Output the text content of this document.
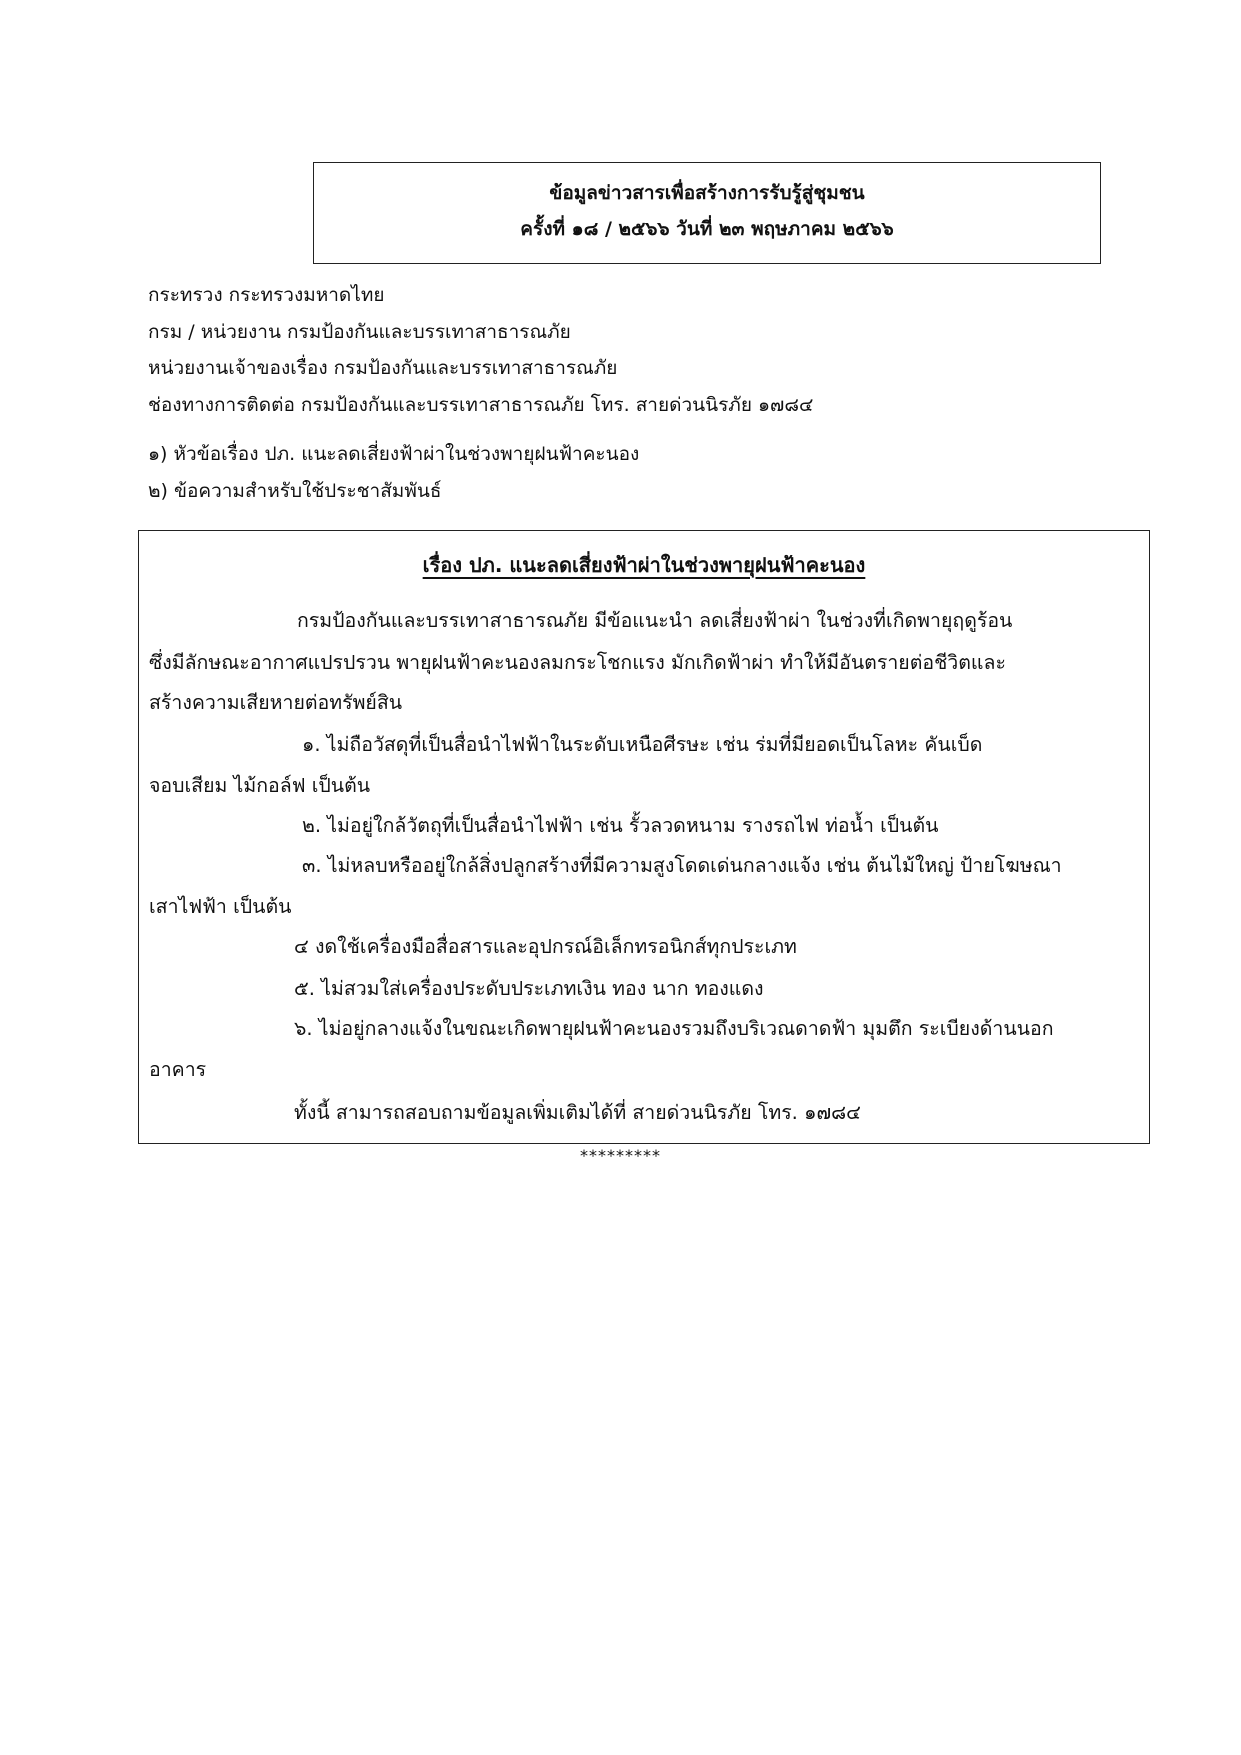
ข้อมูลข่าวสารเพื่อสร้างการรับรู้สู่ชุมชน
ครั้งที่ ๑๘ / ๒๕๖๖ วันที่ ๒๓ พฤษภาคม ๒๕๖๖
กระทรวง กระทรวงมหาดไทย
กรม / หน่วยงาน กรมป้องกันและบรรเทาสาธารณภัย
หน่วยงานเจ้าของเรื่อง กรมป้องกันและบรรเทาสาธารณภัย
ช่องทางการติดต่อ กรมป้องกันและบรรเทาสาธารณภัย โทร. สายด่วนนิรภัย ๑๗๘๔
๑) หัวข้อเรื่อง ปภ. แนะลดเสี่ยงฟ้าผ่าในช่วงพายุฝนฟ้าคะนอง
๒) ข้อความสำหรับใช้ประชาสัมพันธ์
เรื่อง ปภ. แนะลดเสี่ยงฟ้าผ่าในช่วงพายุฝนฟ้าคะนอง
กรมป้องกันและบรรเทาสาธารณภัย มีข้อแนะนำ ลดเสี่ยงฟ้าผ่า ในช่วงที่เกิดพายุฤดูร้อน
ซึ่งมีลักษณะอากาศแปรปรวน พายุฝนฟ้าคะนองลมกระโชกแรง มักเกิดฟ้าผ่า ทำให้มีอันตรายต่อชีวิตและ
สร้างความเสียหายต่อทรัพย์สิน
๑. ไม่ถือวัสดุที่เป็นสื่อนำไฟฟ้าในระดับเหนือศีรษะ เช่น ร่มที่มียอดเป็นโลหะ คันเบ็ด
จอบเสียม ไม้กอล์ฟ เป็นต้น
๒. ไม่อยู่ใกล้วัตถุที่เป็นสื่อนำไฟฟ้า เช่น รั้วลวดหนาม รางรถไฟ ท่อน้ำ เป็นต้น
๓. ไม่หลบหรืออยู่ใกล้สิ่งปลูกสร้างที่มีความสูงโดดเด่นกลางแจ้ง เช่น ต้นไม้ใหญ่ ป้ายโฆษณา
เสาไฟฟ้า เป็นต้น
๔ งดใช้เครื่องมือสื่อสารและอุปกรณ์อิเล็กทรอนิกส์ทุกประเภท
๕. ไม่สวมใส่เครื่องประดับประเภทเงิน ทอง นาก ทองแดง
๖. ไม่อยู่กลางแจ้งในขณะเกิดพายุฝนฟ้าคะนองรวมถึงบริเวณดาดฟ้า มุมตึก ระเบียงด้านนอก
อาคาร
ทั้งนี้ สามารถสอบถามข้อมูลเพิ่มเติมได้ที่ สายด่วนนิรภัย โทร. ๑๗๘๔
*********
